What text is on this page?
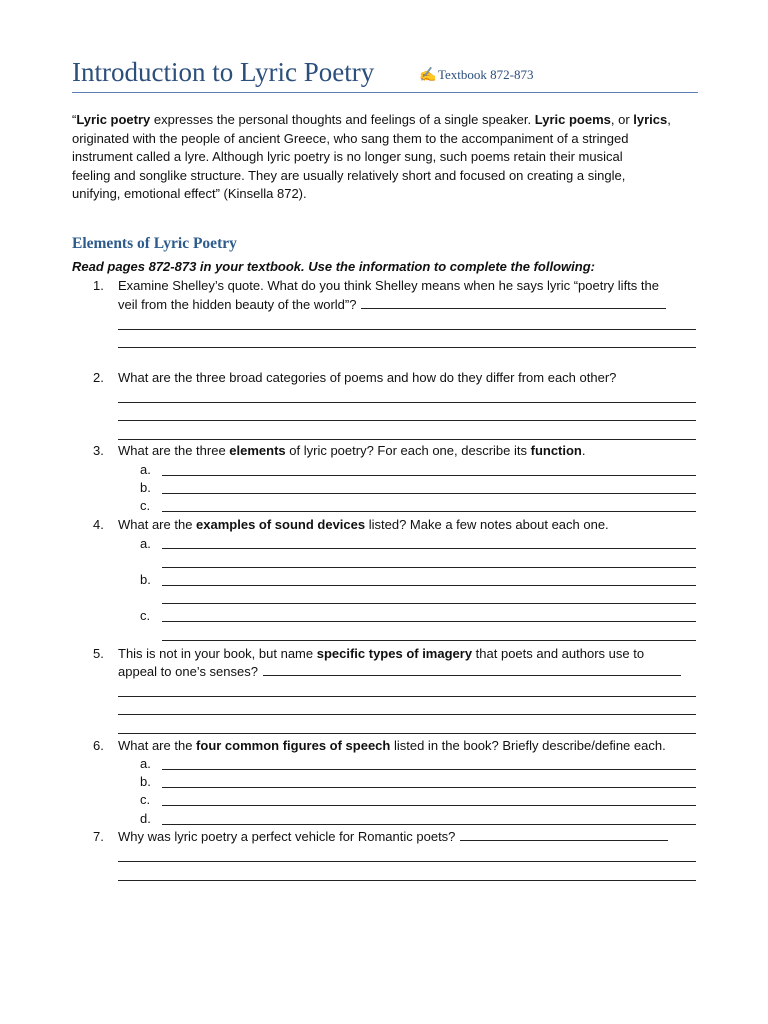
Introduction to Lyric Poetry	✍ Textbook 872-873

“Lyric poetry expresses the personal thoughts and feelings of a single speaker. Lyric poems, or lyrics,

originated with the people of ancient Greece, who sang them to the accompaniment of a stringed

instrument called a lyre. Although lyric poetry is no longer sung, such poems retain their musical

feeling and songlike structure. They are usually relatively short and focused on creating a single,

unifying, emotional effect” (Kinsella 872).

Elements of Lyric Poetry
Read pages 872-873 in your textbook. Use the information to complete the following:
1.	Examine Shelley’s quote. What do you think Shelley means when he says lyric “poetry lifts the
veil from the hidden beauty of the world”?
2.	What are the three broad categories of poems and how do they differ from each other?
3.	What are the three elements of lyric poetry? For each one, describe its function.
a.
b.
c.
4.	What are the examples of sound devices listed? Make a few notes about each one.
a.
b.
c.
5.	This is not in your book, but name specific types of imagery that poets and authors use to
appeal to one’s senses?
6.	What are the four common figures of speech listed in the book? Briefly describe/define each.
a.
b.
c.
d.
7.	Why was lyric poetry a perfect vehicle for Romantic poets?
